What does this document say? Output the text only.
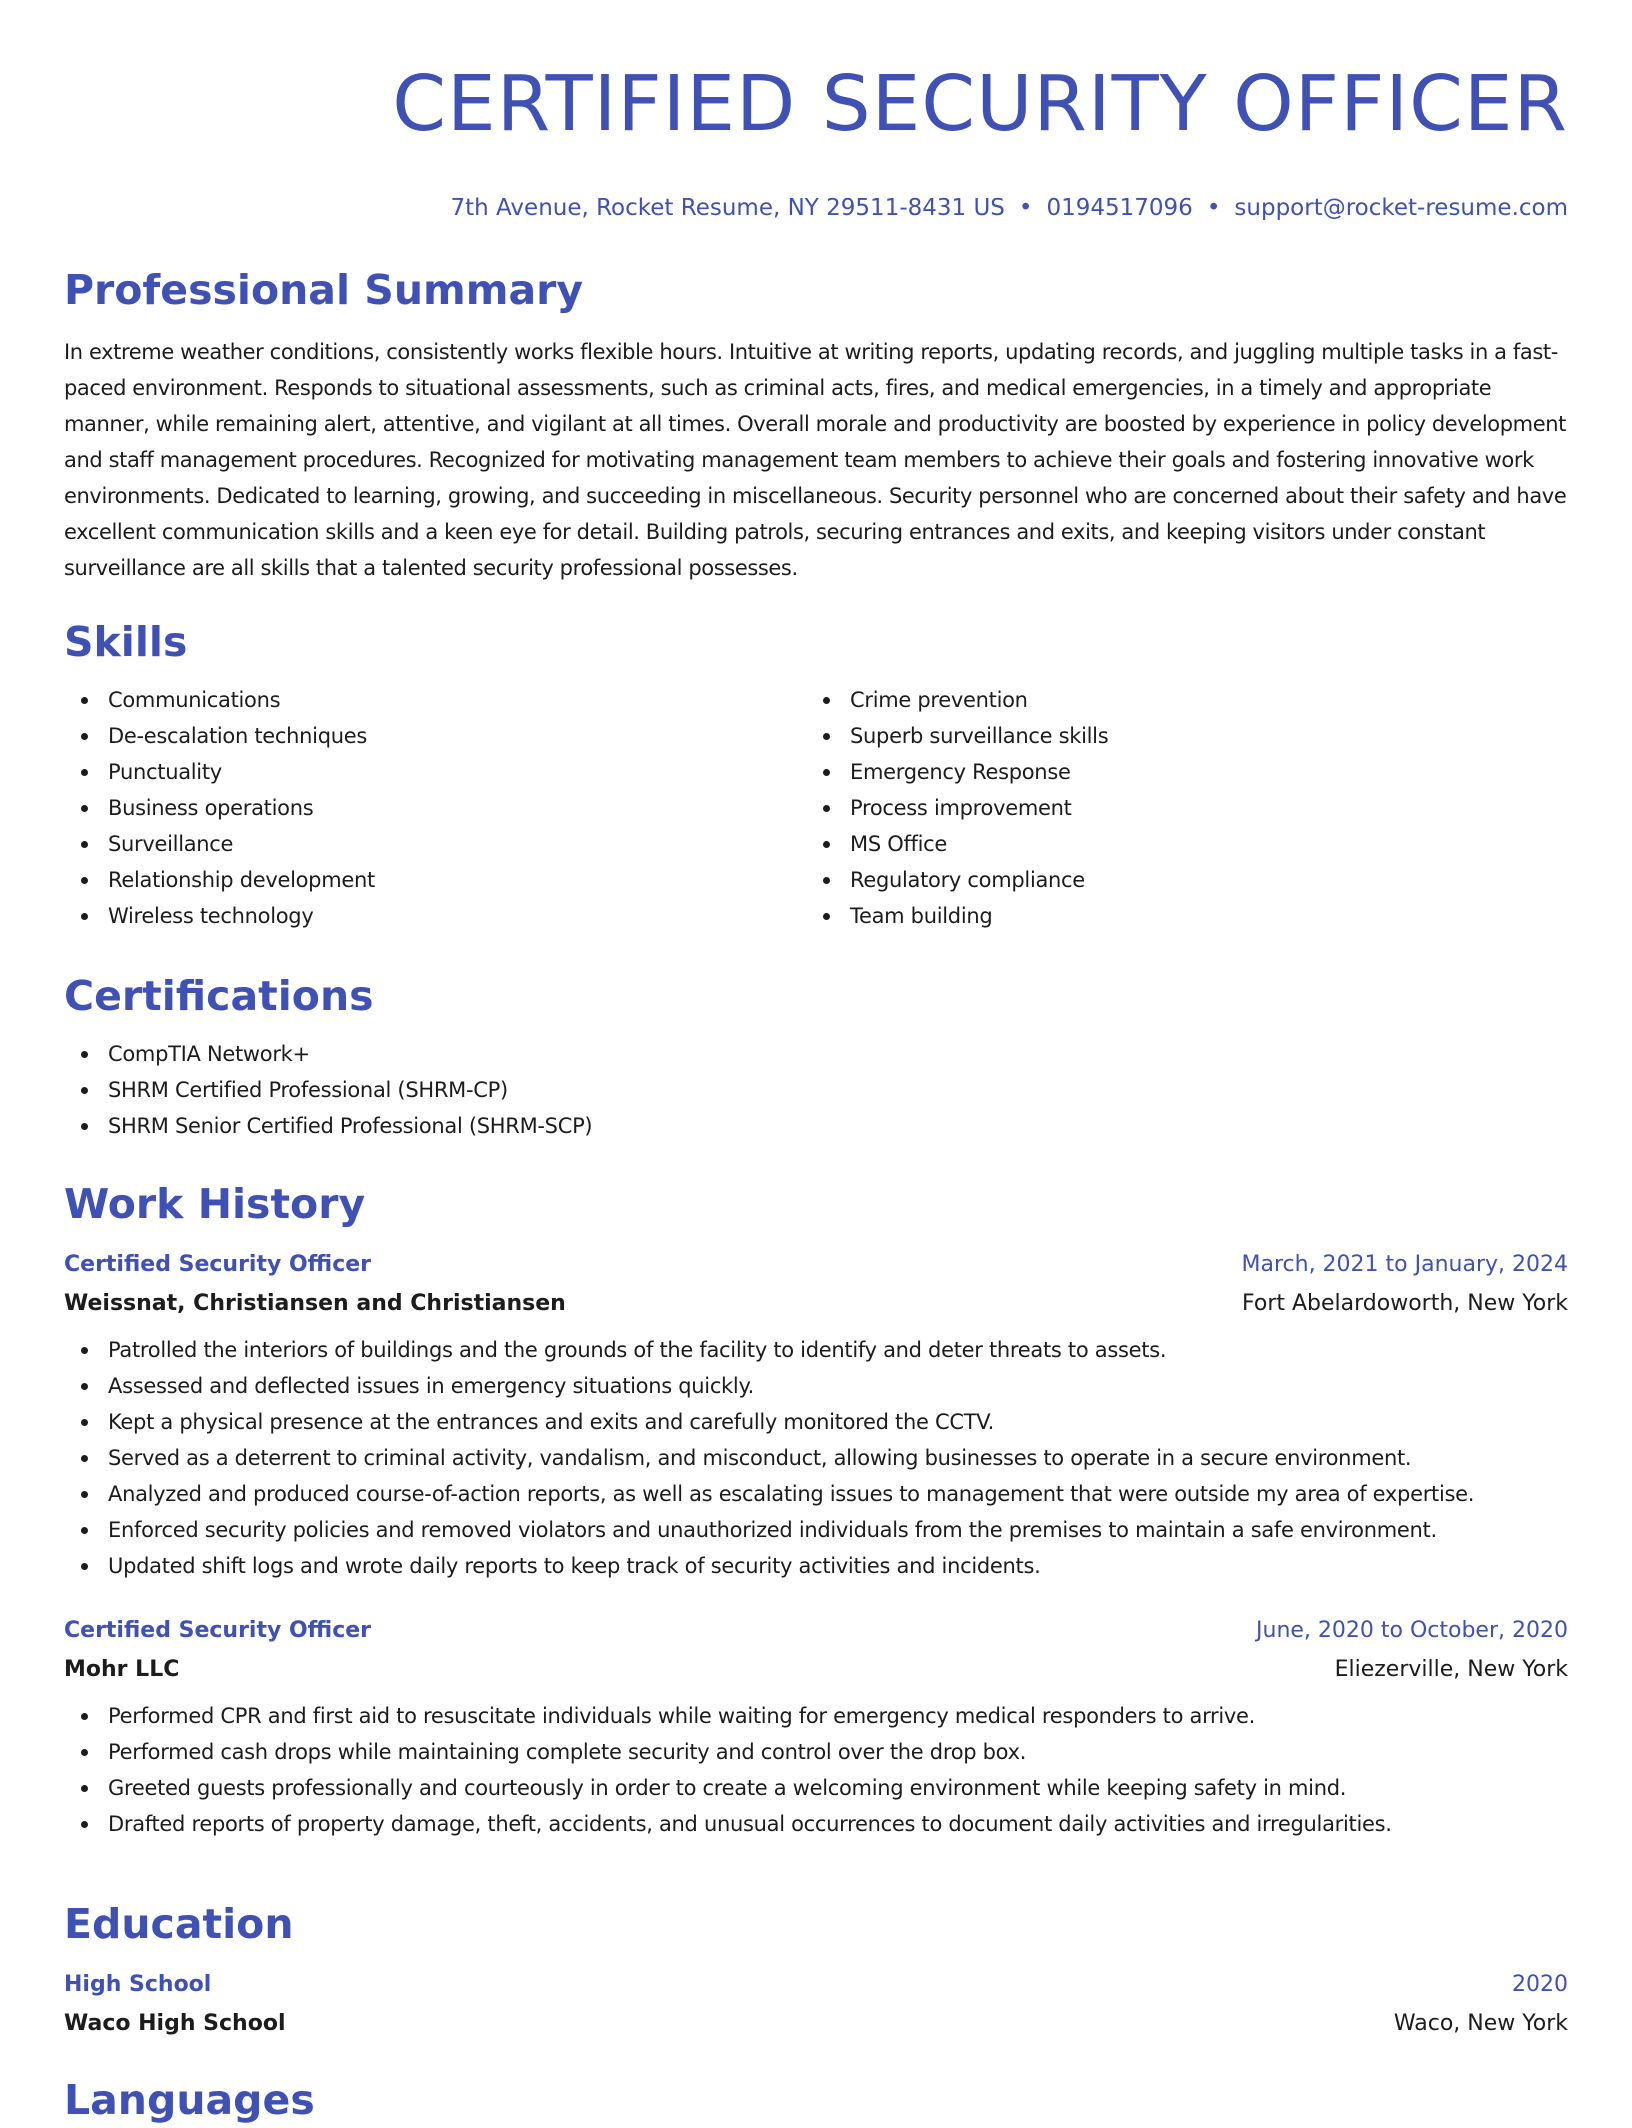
CERTIFIED SECURITY OFFICER
7th Avenue, Rocket Resume, NY 29511-8431 US • 0194517096 • support@rocket-resume.com
Professional Summary
In extreme weather conditions, consistently works flexible hours. Intuitive at writing reports, updating records, and juggling multiple tasks in a fast-paced environment. Responds to situational assessments, such as criminal acts, fires, and medical emergencies, in a timely and appropriate manner, while remaining alert, attentive, and vigilant at all times. Overall morale and productivity are boosted by experience in policy development and staff management procedures. Recognized for motivating management team members to achieve their goals and fostering innovative work environments. Dedicated to learning, growing, and succeeding in miscellaneous. Security personnel who are concerned about their safety and have excellent communication skills and a keen eye for detail. Building patrols, securing entrances and exits, and keeping visitors under constant surveillance are all skills that a talented security professional possesses.
Skills
Communications
De-escalation techniques
Punctuality
Business operations
Surveillance
Relationship development
Wireless technology
Crime prevention
Superb surveillance skills
Emergency Response
Process improvement
MS Office
Regulatory compliance
Team building
Certifications
CompTIA Network+
SHRM Certified Professional (SHRM-CP)
SHRM Senior Certified Professional (SHRM-SCP)
Work History
Certified Security Officer	March, 2021 to January, 2024
Weissnat, Christiansen and Christiansen	Fort Abelardoworth, New York
Patrolled the interiors of buildings and the grounds of the facility to identify and deter threats to assets.
Assessed and deflected issues in emergency situations quickly.
Kept a physical presence at the entrances and exits and carefully monitored the CCTV.
Served as a deterrent to criminal activity, vandalism, and misconduct, allowing businesses to operate in a secure environment.
Analyzed and produced course-of-action reports, as well as escalating issues to management that were outside my area of expertise.
Enforced security policies and removed violators and unauthorized individuals from the premises to maintain a safe environment.
Updated shift logs and wrote daily reports to keep track of security activities and incidents.
Certified Security Officer	June, 2020 to October, 2020
Mohr LLC	Eliezerville, New York
Performed CPR and first aid to resuscitate individuals while waiting for emergency medical responders to arrive.
Performed cash drops while maintaining complete security and control over the drop box.
Greeted guests professionally and courteously in order to create a welcoming environment while keeping safety in mind.
Drafted reports of property damage, theft, accidents, and unusual occurrences to document daily activities and irregularities.
Education
High School	2020
Waco High School	Waco, New York
Languages
